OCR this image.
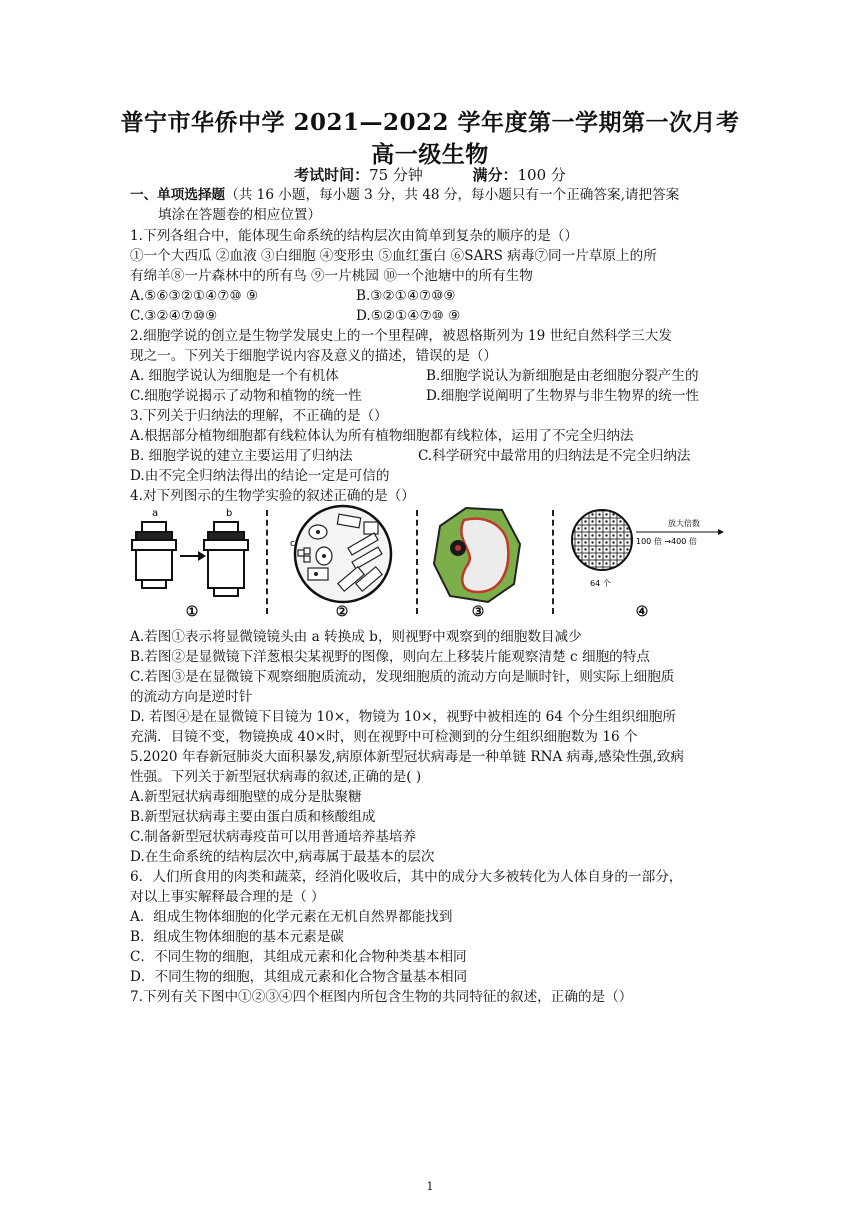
普宁市华侨中学 2021—2022 学年度第一学期第一次月考
高一级生物
考试时间：75 分钟	满分：100 分
一、单项选择题（共 16 小题，每小题 3 分，共 48 分，每小题只有一个正确答案,请把答案
填涂在答题卷的相应位置）
1.下列各组合中，能体现生命系统的结构层次由简单到复杂的顺序的是（）
①一个大西瓜 ②血液 ③白细胞 ④变形虫 ⑤血红蛋白 ⑥SARS 病毒⑦同一片草原上的所
有绵羊⑧一片森林中的所有鸟 ⑨一片桃园 ⑩一个池塘中的所有生物
A.⑤⑥③②①④⑦⑩ ⑨	B.③②①④⑦⑩⑨
C.③②④⑦⑩⑨	D.⑤②①④⑦⑩ ⑨
2.细胞学说的创立是生物学发展史上的一个里程碑，被恩格斯列为 19 世纪自然科学三大发
现之一。下列关于细胞学说内容及意义的描述，错误的是（）
A. 细胞学说认为细胞是一个有机体	B.细胞学说认为新细胞是由老细胞分裂产生的
C.细胞学说揭示了动物和植物的统一性	D.细胞学说阐明了生物界与非生物界的统一性
3.下列关于归纳法的理解，不正确的是（）
A.根据部分植物细胞都有线粒体认为所有植物细胞都有线粒体，运用了不完全归纳法
B. 细胞学说的建立主要运用了归纳法	C.科学研究中最常用的归纳法是不完全归纳法
D.由不完全归纳法得出的结论一定是可信的
4.对下列图示的生物学实验的叙述正确的是（）
a	b
①
c
②	③
放大倍数
100 倍 →400 倍
64 个
④
A.若图①表示将显微镜镜头由 a 转换成 b，则视野中观察到的细胞数目减少
B.若图②是显微镜下洋葱根尖某视野的图像，则向左上移装片能观察清楚 c 细胞的特点
C.若图③是在显微镜下观察细胞质流动，发现细胞质的流动方向是顺时针，则实际上细胞质
的流动方向是逆时针
D. 若图④是在显微镜下目镜为 10×，物镜为 10×，视野中被相连的 64 个分生组织细胞所
充满．目镜不变，物镜换成 40×时，则在视野中可检测到的分生组织细胞数为 16 个
5.2020 年春新冠肺炎大面积暴发,病原体新型冠状病毒是一种单链 RNA 病毒,感染性强,致病
性强。下列关于新型冠状病毒的叙述,正确的是( )
A.新型冠状病毒细胞壁的成分是肽聚糖
B.新型冠状病毒主要由蛋白质和核酸组成
C.制备新型冠状病毒疫苗可以用普通培养基培养
D.在生命系统的结构层次中,病毒属于最基本的层次
6．人们所食用的肉类和蔬菜，经消化吸收后，其中的成分大多被转化为人体自身的一部分，
对以上事实解释最合理的是（ ）
A．组成生物体细胞的化学元素在无机自然界都能找到
B．组成生物体细胞的基本元素是碳
C．不同生物的细胞，其组成元素和化合物种类基本相同
D．不同生物的细胞，其组成元素和化合物含量基本相同
7.下列有关下图中①②③④四个框图内所包含生物的共同特征的叙述，正确的是（）
1
